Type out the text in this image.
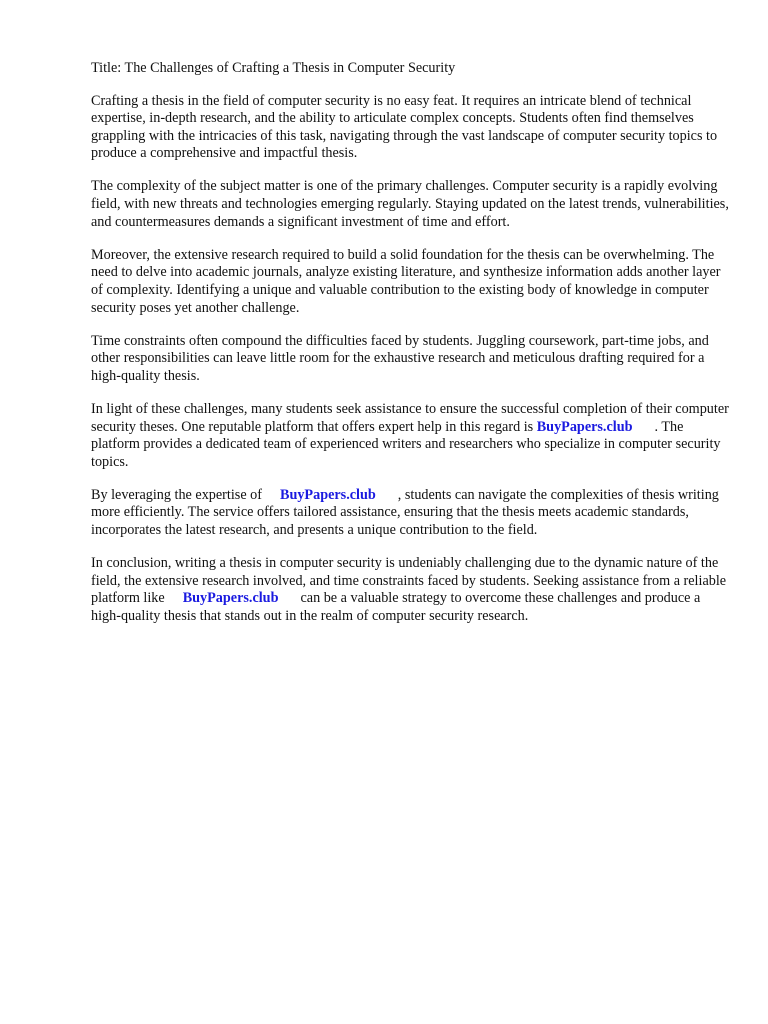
Title: The Challenges of Crafting a Thesis in Computer Security

Crafting a thesis in the field of computer security is no easy feat. It requires an intricate blend of technical expertise, in-depth research, and the ability to articulate complex concepts. Students often find themselves grappling with the intricacies of this task, navigating through the vast landscape of computer security topics to produce a comprehensive and impactful thesis.

The complexity of the subject matter is one of the primary challenges. Computer security is a rapidly evolving field, with new threats and technologies emerging regularly. Staying updated on the latest trends, vulnerabilities, and countermeasures demands a significant investment of time and effort.

Moreover, the extensive research required to build a solid foundation for the thesis can be overwhelming. The need to delve into academic journals, analyze existing literature, and synthesize information adds another layer of complexity. Identifying a unique and valuable contribution to the existing body of knowledge in computer security poses yet another challenge.

Time constraints often compound the difficulties faced by students. Juggling coursework, part-time jobs, and other responsibilities can leave little room for the exhaustive research and meticulous drafting required for a high-quality thesis.

In light of these challenges, many students seek assistance to ensure the successful completion of their computer security theses. One reputable platform that offers expert help in this regard is BuyPapers.club . The platform provides a dedicated team of experienced writers and researchers who specialize in computer security topics.

By leveraging the expertise of BuyPapers.club , students can navigate the complexities of thesis writing more efficiently. The service offers tailored assistance, ensuring that the thesis meets academic standards, incorporates the latest research, and presents a unique contribution to the field.

In conclusion, writing a thesis in computer security is undeniably challenging due to the dynamic nature of the field, the extensive research involved, and time constraints faced by students. Seeking assistance from a reliable platform like BuyPapers.club can be a valuable strategy to overcome these challenges and produce a high-quality thesis that stands out in the realm of computer security research.
